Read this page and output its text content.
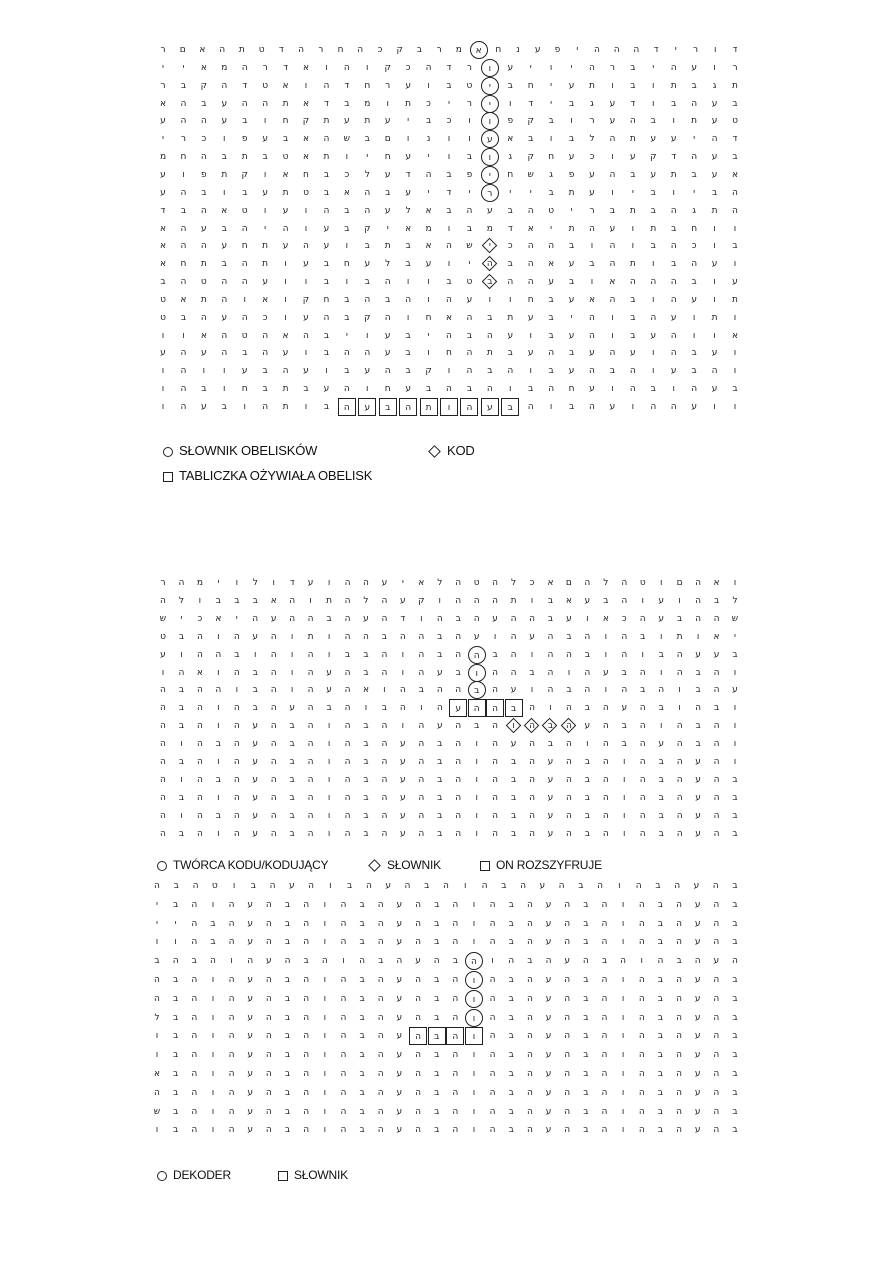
ר	ם	א	ה	ת	ט	ד	ה	ר	ח	ה	כ	ק	ב	ר	מ	א	ח	נ	ע	פ	י	ה	ה	ה	ד	י	ר	ו	ד
י	י	א	מ	ה	ר	ד	א	ו	ה	ו	ק	כ	ה	ד	ר	ו	ע	י	ו	י	ה	ר	ב	י	ה	ע	ו	ר
ר	ב	ק	ה	ד	ט	א	ו	ה	ד	ח	ר	ע	ו	ב	ט	י	ב	ח	י	ע	ת	ו	ב	ו	ת	ב	ג	ת
א	ה	ב	ע	ה	ה	ת	א	ד	ב	מ	ו	ת	כ	י	ר	י	ו	ד	י	ב	ג	ע	ד	ו	ב	ה	ע	ב
ע	ה	ה	ע	ב	ו	ח	ק	ת	ע	ת	ע	י	ב	כ	ו	ו	פ	ק	ב	ו	ר	ע	ה	ב	ו	ת	ע	ט
י	ר	כ	ו	פ	ע	ב	א	ה	ש	ב	ם	ו	נ	ו	ו	ע	א	ב	ו	ב	ל	ה	ת	ע	ע	י	ה	ד
מ	ח	ה	ב	ת	ב	ט	א	ת	ו	י	ח	ע	י	ו	ב	ו	ג	ק	ח	ע	כ	ו	ע	ק	ד	ה	ע	ב
ע	ו	פ	ת	ק	ו	א	ח	ב	כ	ל	ע	ד	ה	ב	פ	י	ח	ש	ג	פ	ע	ה	ב	ע	ת	ב	ע	א
ע	ה	ב	ו	ב	ע	ת	ט	ב	א	ה	ב	ע	י	ד	י	ר	י	י	ב	ת	ע	ו	י	ב	ו	י	ב	ה
ד	ב	ה	א	ט	ו	ע	ו	ה	ב	ה	ע	ל	א	ב	ה	ע	ב	ה	ט	י	ר	ב	ת	ב	ה	ג	ת	ה
א	ה	ע	ב	ה	י	ה	ו	ע	ב	ק	י	א	מ	ו	ב	מ	ד	א	י	ת	ה	ע	ו	ת	ב	ח	ו	ו
א	ה	ה	ע	ח	ת	ע	ה	ע	ו	ב	ת	ב	א	ה	ש	י	כ	ה	ה	ב	ו	ה	ו	ב	ה	כ	ו	ב
א	ח	ת	ב	ה	ת	ו	ע	ב	ח	ע	ל	ב	ע	ו	י	ה	ב	ה	א	ע	ב	ה	ת	ו	ב	ה	ע	ו
ב	ה	ט	ה	ה	ע	ו	ו	ב	ו	ב	ה	ו	ו	ב	ט	ב	ה	ה	ע	ב	ו	א	ה	ה	ה	ב	ו	ע
ט	א	ת	ה	ו	א	ו	ק	ח	ב	ה	ב	ה	ו	ה	ע	ו	ו	ח	ב	ע	א	ה	ב	ו	ה	ע	ו	ת
ט	ב	ה	ע	ה	כ	ו	ע	ה	ב	ק	ה	ו	ח	א	ה	ב	ת	ע	ב	י	ה	ו	ב	ה	ע	ו	ת	ו
ו	ו	א	ה	ט	ה	א	ה	ב	י	ו	ע	ב	י	ה	ב	ה	ע	ו	ב	ע	ה	ו	ב	ע	ה	ו	ו	א
ע	ה	ע	ה	ב	ה	ע	ו	ב	ה	ה	ע	ב	ו	ח	ה	ת	ב	ע	ה	ב	ע	ה	ע	ו	ה	ב	ע	ו
ו	ה	ו	ו	ע	ב	ה	ע	ו	ב	ע	ה	ב	ק	ו	ה	ב	ה	ו	ב	ע	ה	ב	ה	ו	ע	ב	ה	ו
ו	ה	ב	ו	ח	ב	ת	ב	ע	ה	ו	ח	ע	ב	ה	ב	ה	ו	ב	ה	ח	ע	ו	ה	ב	ו	ה	ע	ב
ו	ה	ע	ב	ו	ה	ת	ו	ב	ה	ע	ב	ה	ת	ו	ה	ע	ב	ה	ו	ב	ה	ע	ו	ה	ה	ע	ו	ו
SŁOWNIK OBELISKÓW	KOD
TABLICZKA OŻYWIAŁA OBELISK
ר	ה	מ	י	ו	ל	ו	ד	ע	ו	ה	ה	ע	י	א	ל	ה	ט	ה	ל	כ	א	ם	ה	ל	ה	ט	ו	ם	ה	א	ו
ה	ל	ו	ב	ב	ב	א	ה	ו	ת	ה	ל	ה	ע	ק	ו	ה	ה	ה	ת	ו	ב	א	ע	ב	ה	ו	ע	ו	ה	ב	ל
ש	י	כ	א	י	ה	ע	ה	ה	ב	ה	ע	ה	ד	ו	ה	ב	ה	ע	ה	ה	ב	ע	ו	א	כ	ה	ע	ב	ה	ה	ש
ט	ב	ה	ו	ה	ע	ה	ו	ת	ו	ה	ה	ב	ה	ה	ב	ה	ע	ו	ה	ע	ה	ב	ה	ו	ה	ב	ו	ת	ו	א	י
ע	ו	ה	ה	ב	ו	ה	ו	ה	ו	ב	ב	ה	ו	ה	ב	ה	ה	ב	ה	ו	ה	ה	ב	ו	ה	ו	ב	ה	ע	ע	ב
ו	ה	א	ו	ה	ב	ה	ו	ה	ע	ה	ב	ה	ו	ה	ע	ב	ו	ה	ה	ב	ה	ו	ה	ע	ב	ה	ו	ה	ב	ה	ו
ה	ב	ה	ה	ו	ב	ה	ו	ה	ע	ה	א	ו	ה	ב	ה	ה	ב	ה	ע	ו	ה	ב	ה	ו	ה	ב	ה	ו	ב	ה	ע
ה	ב	ה	ו	ה	ב	ה	ע	ה	ב	ה	ו	ב	ה	ו	ה	ע	ה	ה	ב	ה	ו	ה	ב	ה	ע	ה	ב	ו	ה	ב	ו
ה	ב	ה	ו	ה	ע	ה	ב	ה	ו	ה	ב	ה	ו	ה	ע	ה	ב	ה	ו	ה	ב	ה	ע	ה	ב	ה	ו	ה	ב	ה	ו
ה	ו	ה	ב	ה	ע	ה	ב	ה	ו	ה	ב	ה	ע	ה	ב	ה	ו	ה	ע	ה	ב	ה	ו	ה	ב	ה	ע	ה	ב	ה	ו
ה	ב	ה	ו	ה	ע	ה	ב	ה	ו	ה	ב	ה	ע	ה	ב	ה	ו	ה	ב	ה	ע	ה	ב	ה	ו	ה	ב	ה	ע	ה	ו
ה	ו	ה	ב	ה	ע	ה	ב	ה	ו	ה	ב	ה	ע	ה	ב	ה	ו	ה	ב	ה	ע	ה	ב	ה	ו	ה	ב	ה	ע	ה	ב
ה	ב	ה	ו	ה	ע	ה	ב	ה	ו	ה	ב	ה	ע	ה	ב	ה	ו	ה	ב	ה	ע	ה	ב	ה	ו	ה	ב	ה	ע	ה	ב
ה	ו	ה	ב	ה	ע	ה	ב	ה	ו	ה	ב	ה	ע	ה	ב	ה	ו	ה	ב	ה	ע	ה	ב	ה	ו	ה	ב	ה	ע	ה	ב
ה	ב	ה	ו	ה	ע	ה	ב	ה	ו	ה	ב	ה	ע	ה	ב	ה	ו	ה	ב	ה	ע	ה	ב	ה	ו	ה	ב	ה	ע	ה	ב
TWÓRCA KODU/KODUJĄCY	SŁOWNIK	ON ROZSZYFRUJE
ה	ב	ה	ט	ו	ב	ה	ע	ה	ו	ב	ה	ע	ה	ב	ה	ו	ה	ב	ה	ע	ה	ב	ה	ו	ה	ב	ה	ע	ה	ב
י	ב	ה	ו	ה	ע	ה	ב	ה	ו	ה	ב	ה	ע	ה	ב	ה	ו	ה	ב	ה	ע	ה	ב	ה	ו	ה	ב	ה	ע	ה	ב
י	י	ה	ב	ה	ע	ה	ב	ה	ו	ה	ב	ה	ע	ה	ב	ה	ו	ה	ב	ה	ע	ה	ב	ה	ו	ה	ב	ה	ע	ה	ב
ו	ו	ה	ב	ה	ע	ה	ב	ה	ו	ה	ב	ה	ע	ה	ב	ה	ו	ה	ב	ה	ע	ה	ב	ה	ו	ה	ב	ה	ע	ה	ב
ב	ה	ב	ה	ו	ה	ע	ה	ב	ה	ו	ה	ב	ה	ע	ה	ב	ה	ו	ה	ב	ה	ע	ה	ב	ה	ו	ה	ב	ה	ע	ה
ה	ב	ה	ו	ה	ע	ה	ב	ה	ו	ה	ב	ה	ע	ה	ב	ה	ו	ה	ב	ה	ע	ה	ב	ה	ו	ה	ב	ה	ע	ה	ב
ה	ב	ה	ו	ה	ע	ה	ב	ה	ו	ה	ב	ה	ע	ה	ב	ה	ו	ה	ב	ה	ע	ה	ב	ה	ו	ה	ב	ה	ע	ה	ב
ל	ב	ה	ו	ה	ע	ה	ב	ה	ו	ה	ב	ה	ע	ה	ב	ה	ו	ה	ב	ה	ע	ה	ב	ה	ו	ה	ב	ה	ע	ה	ב
ו	ב	ה	ו	ה	ע	ה	ב	ה	ו	ה	ב	ה	ע	ה	ב	ה	ו	ה	ב	ה	ע	ה	ב	ה	ו	ה	ב	ה	ע	ה	ב
ו	ב	ה	ו	ה	ע	ה	ב	ה	ו	ה	ב	ה	ע	ה	ב	ה	ו	ה	ב	ה	ע	ה	ב	ה	ו	ה	ב	ה	ע	ה	ב
א	ב	ה	ו	ה	ע	ה	ב	ה	ו	ה	ב	ה	ע	ה	ב	ה	ו	ה	ב	ה	ע	ה	ב	ה	ו	ה	ב	ה	ע	ה	ב
ה	ב	ה	ו	ה	ע	ה	ב	ה	ו	ה	ב	ה	ע	ה	ב	ה	ו	ה	ב	ה	ע	ה	ב	ה	ו	ה	ב	ה	ע	ה	ב
ש	ב	ה	ו	ה	ע	ה	ב	ה	ו	ה	ב	ה	ע	ה	ב	ה	ו	ה	ב	ה	ע	ה	ב	ה	ו	ה	ב	ה	ע	ה	ב
ו	ב	ה	ו	ה	ע	ה	ב	ה	ו	ה	ב	ה	ע	ה	ב	ה	ו	ה	ב	ה	ע	ה	ב	ה	ו	ה	ב	ה	ע	ה	ב
DEKODER	SŁOWNIK
